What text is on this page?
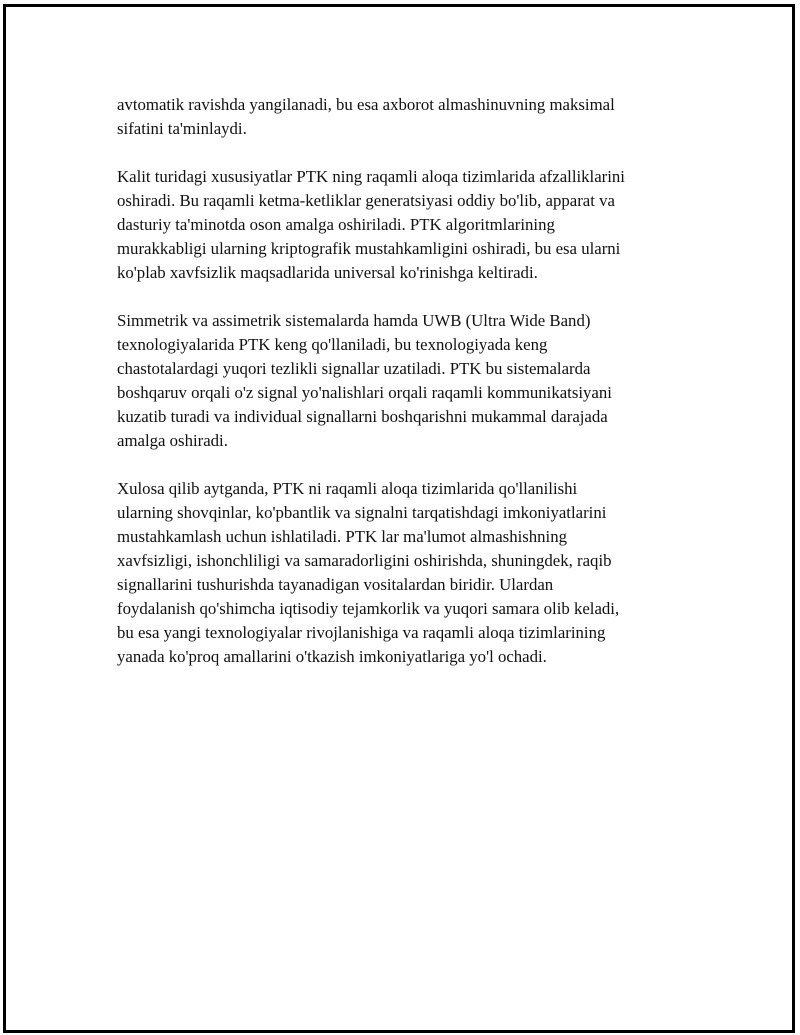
avtomatik ravishda yangilanadi, bu esa axborot almashinuvning maksimal
sifatini ta'minlaydi.

Kalit turidagi xususiyatlar PTK ning raqamli aloqa tizimlarida afzalliklarini
oshiradi. Bu raqamli ketma-ketliklar generatsiyasi oddiy bo'lib, apparat va
dasturiy ta'minotda oson amalga oshiriladi. PTK algoritmlarining
murakkabligi ularning kriptografik mustahkamligini oshiradi, bu esa ularni
ko'plab xavfsizlik maqsadlarida universal ko'rinishga keltiradi.

Simmetrik va assimetrik sistemalarda hamda UWB (Ultra Wide Band)
texnologiyalarida PTK keng qo'llaniladi, bu texnologiyada keng
chastotalardagi yuqori tezlikli signallar uzatiladi. PTK bu sistemalarda
boshqaruv orqali o'z signal yo'nalishlari orqali raqamli kommunikatsiyani
kuzatib turadi va individual signallarni boshqarishni mukammal darajada
amalga oshiradi.

Xulosa qilib aytganda, PTK ni raqamli aloqa tizimlarida qo'llanilishi
ularning shovqinlar, ko'pbantlik va signalni tarqatishdagi imkoniyatlarini
mustahkamlash uchun ishlatiladi. PTK lar ma'lumot almashishning
xavfsizligi, ishonchliligi va samaradorligini oshirishda, shuningdek, raqib
signallarini tushurishda tayanadigan vositalardan biridir. Ulardan
foydalanish qo'shimcha iqtisodiy tejamkorlik va yuqori samara olib keladi,
bu esa yangi texnologiyalar rivojlanishiga va raqamli aloqa tizimlarining
yanada ko'proq amallarini o'tkazish imkoniyatlariga yo'l ochadi.
